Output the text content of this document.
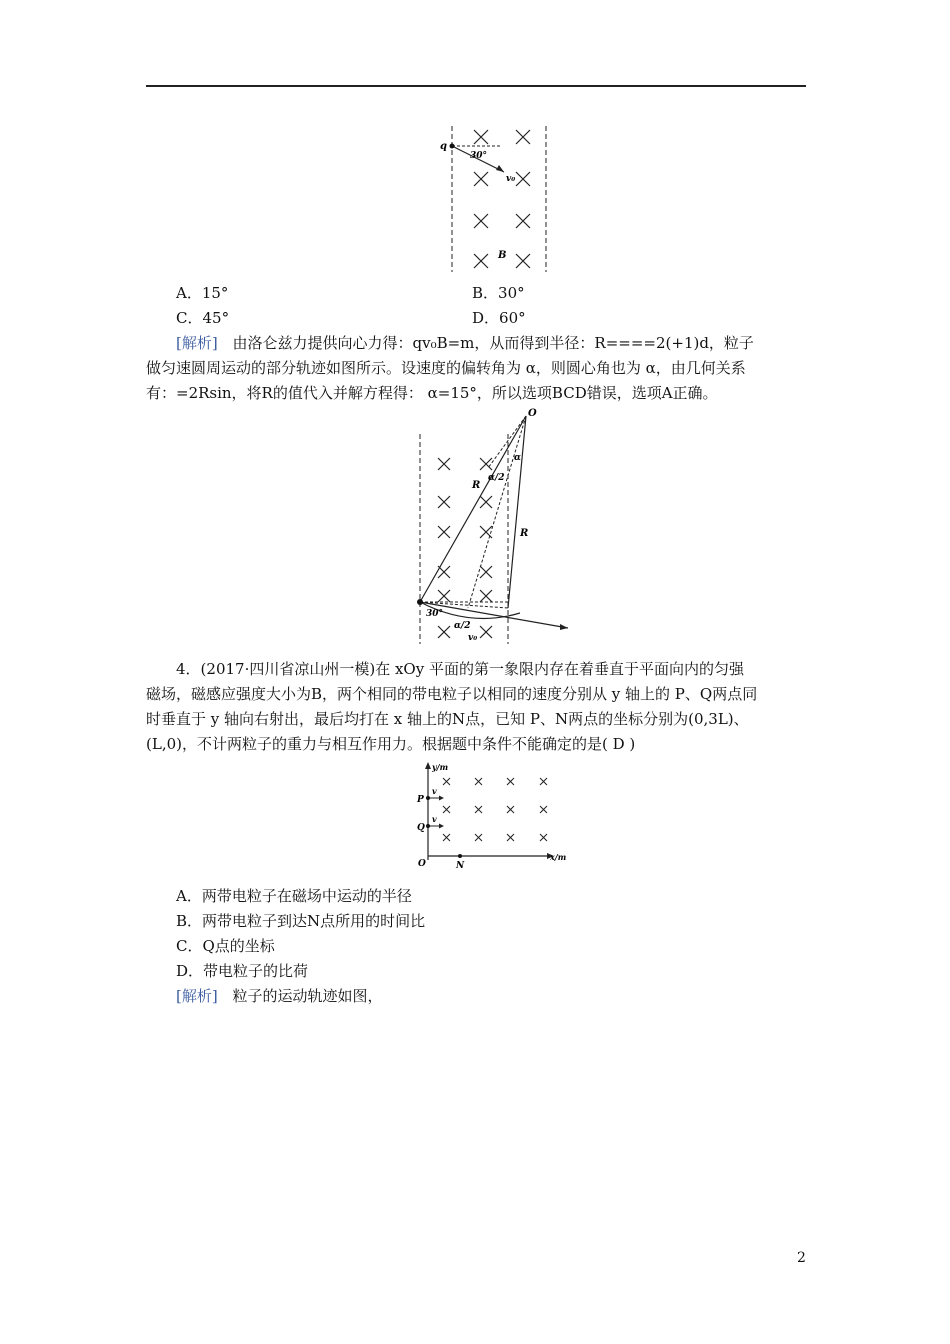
q
30°
v₀
B
A．15°	B．30°
C．45°	D．60°
[解析] 由洛仑兹力提供向心力得：qv₀B=m，从而得到半径：R====2(+1)d，粒子
做匀速圆周运动的部分轨迹如图所示。设速度的偏转角为 α，则圆心角也为 α，由几何关系
有：=2Rsin，将R的值代入并解方程得： α=15°，所以选项BCD错误，选项A正确。
O
α
α/2
R
R
30°
α/2
v₀
4．(2017·四川省凉山州一模)在 xOy 平面的第一象限内存在着垂直于平面向内的匀强
磁场，磁感应强度大小为B，两个相同的带电粒子以相同的速度分别从 y 轴上的 P、Q两点同
时垂直于 y 轴向右射出，最后均打在 x 轴上的N点，已知 P、N两点的坐标分别为(0,3L)、
(L,0)，不计两粒子的重力与相互作用力。根据题中条件不能确定的是( D )
y/m
x/m
O
P
Q
N
v
v
A．两带电粒子在磁场中运动的半径
B．两带电粒子到达N点所用的时间比
C．Q点的坐标
D．带电粒子的比荷
[解析] 粒子的运动轨迹如图，
2
